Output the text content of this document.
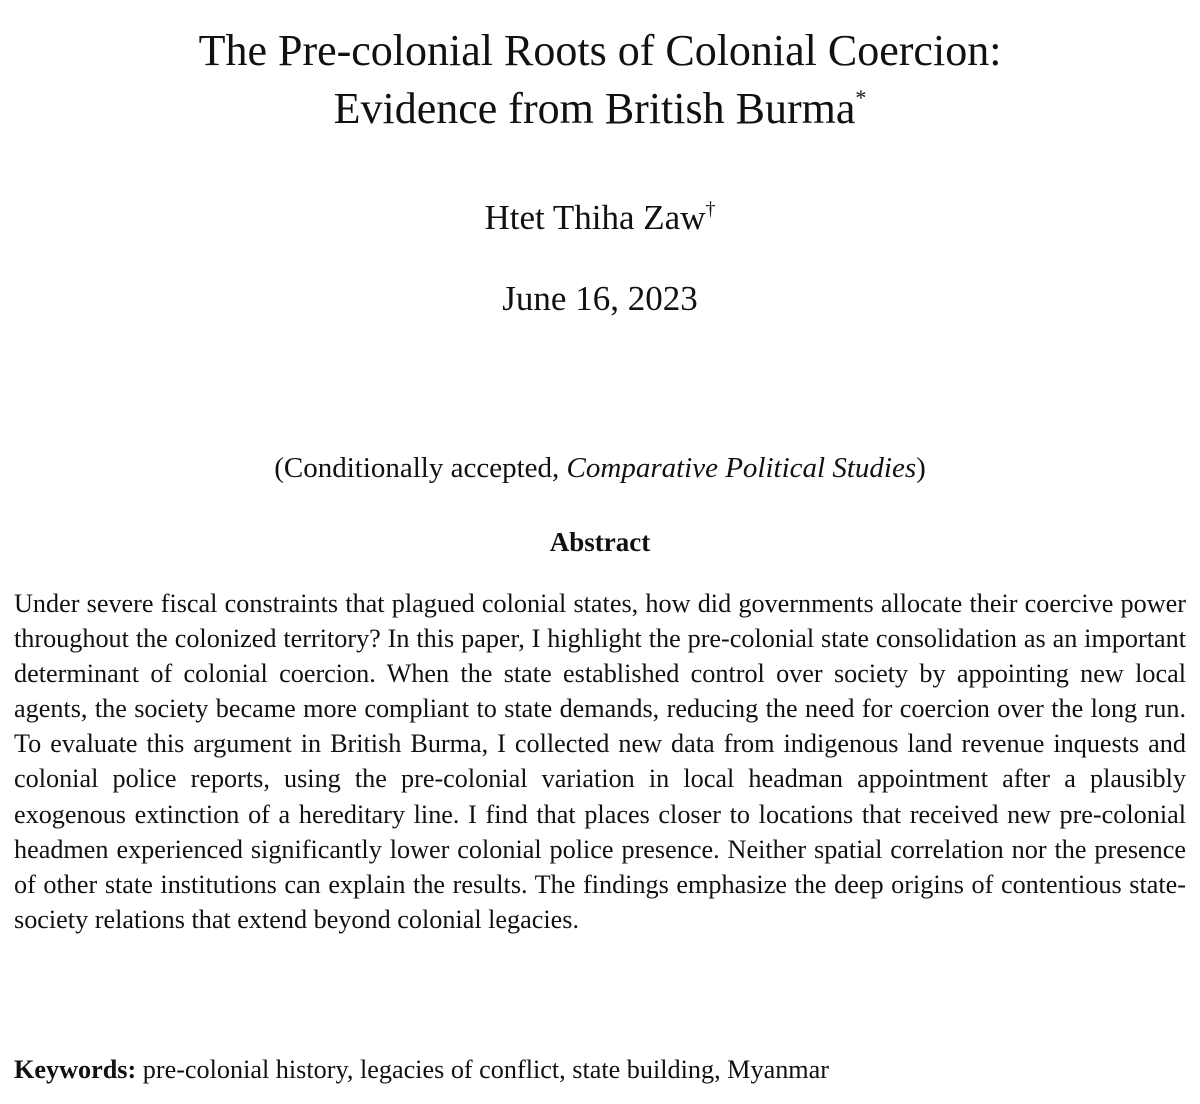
The Pre-colonial Roots of Colonial Coercion:
Evidence from British Burma*
Htet Thiha Zaw†
June 16, 2023
(Conditionally accepted, Comparative Political Studies)
Abstract

Under severe fiscal constraints that plagued colonial states, how did governments allocate their coercive power throughout the colonized territory? In this paper, I highlight the pre-colonial state consolidation as an important determinant of colonial coercion. When the state established control over society by appointing new local agents, the society became more compliant to state demands, reducing the need for coercion over the long run. To evaluate this argument in British Burma, I collected new data from indigenous land revenue inquests and colonial police reports, using the pre-colonial variation in local headman appointment after a plausibly exogenous extinction of a hereditary line. I find that places closer to locations that received new pre-colonial headmen experienced significantly lower colonial police presence. Neither spatial correlation nor the presence of other state institutions can explain the results. The findings emphasize the deep origins of contentious state-society relations that extend beyond colonial legacies.

Keywords: pre-colonial history, legacies of conflict, state building, Myanmar
